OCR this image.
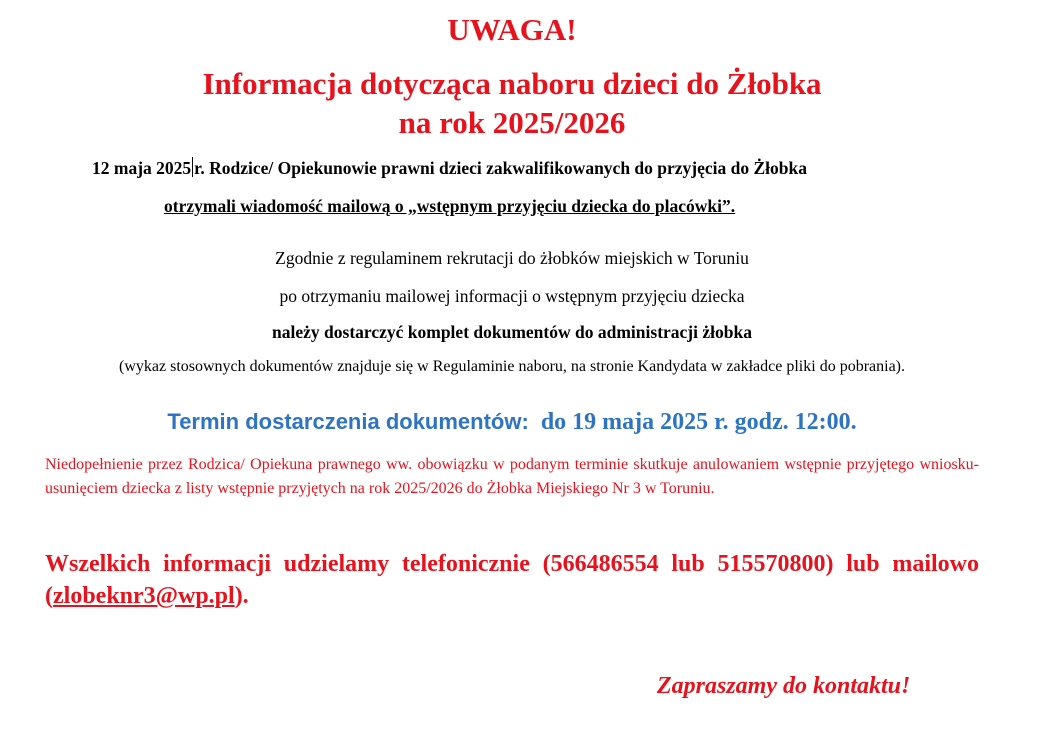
UWAGA!
Informacja dotycząca naboru dzieci do Żłobka
na rok 2025/2026
12 maja 2025 r. Rodzice/ Opiekunowie prawni dzieci zakwalifikowanych do przyjęcia do Żłobka
otrzymali wiadomość mailową o „wstępnym przyjęciu dziecka do placówki”.
Zgodnie z regulaminem rekrutacji do żłobków miejskich w Toruniu
po otrzymaniu mailowej informacji o wstępnym przyjęciu dziecka
należy dostarczyć komplet dokumentów do administracji żłobka
(wykaz stosownych dokumentów znajduje się w Regulaminie naboru, na stronie Kandydata w zakładce pliki do pobrania).
Termin dostarczenia dokumentów: do 19 maja 2025 r. godz. 12:00.
Niedopełnienie przez Rodzica/ Opiekuna prawnego ww. obowiązku w podanym terminie skutkuje anulowaniem wstępnie przyjętego wniosku- usunięciem dziecka z listy wstępnie przyjętych na rok 2025/2026 do Żłobka Miejskiego Nr 3 w Toruniu.
Wszelkich informacji udzielamy telefonicznie (566486554 lub 515570800) lub mailowo (zlobeknr3@wp.pl).
Zapraszamy do kontaktu!
